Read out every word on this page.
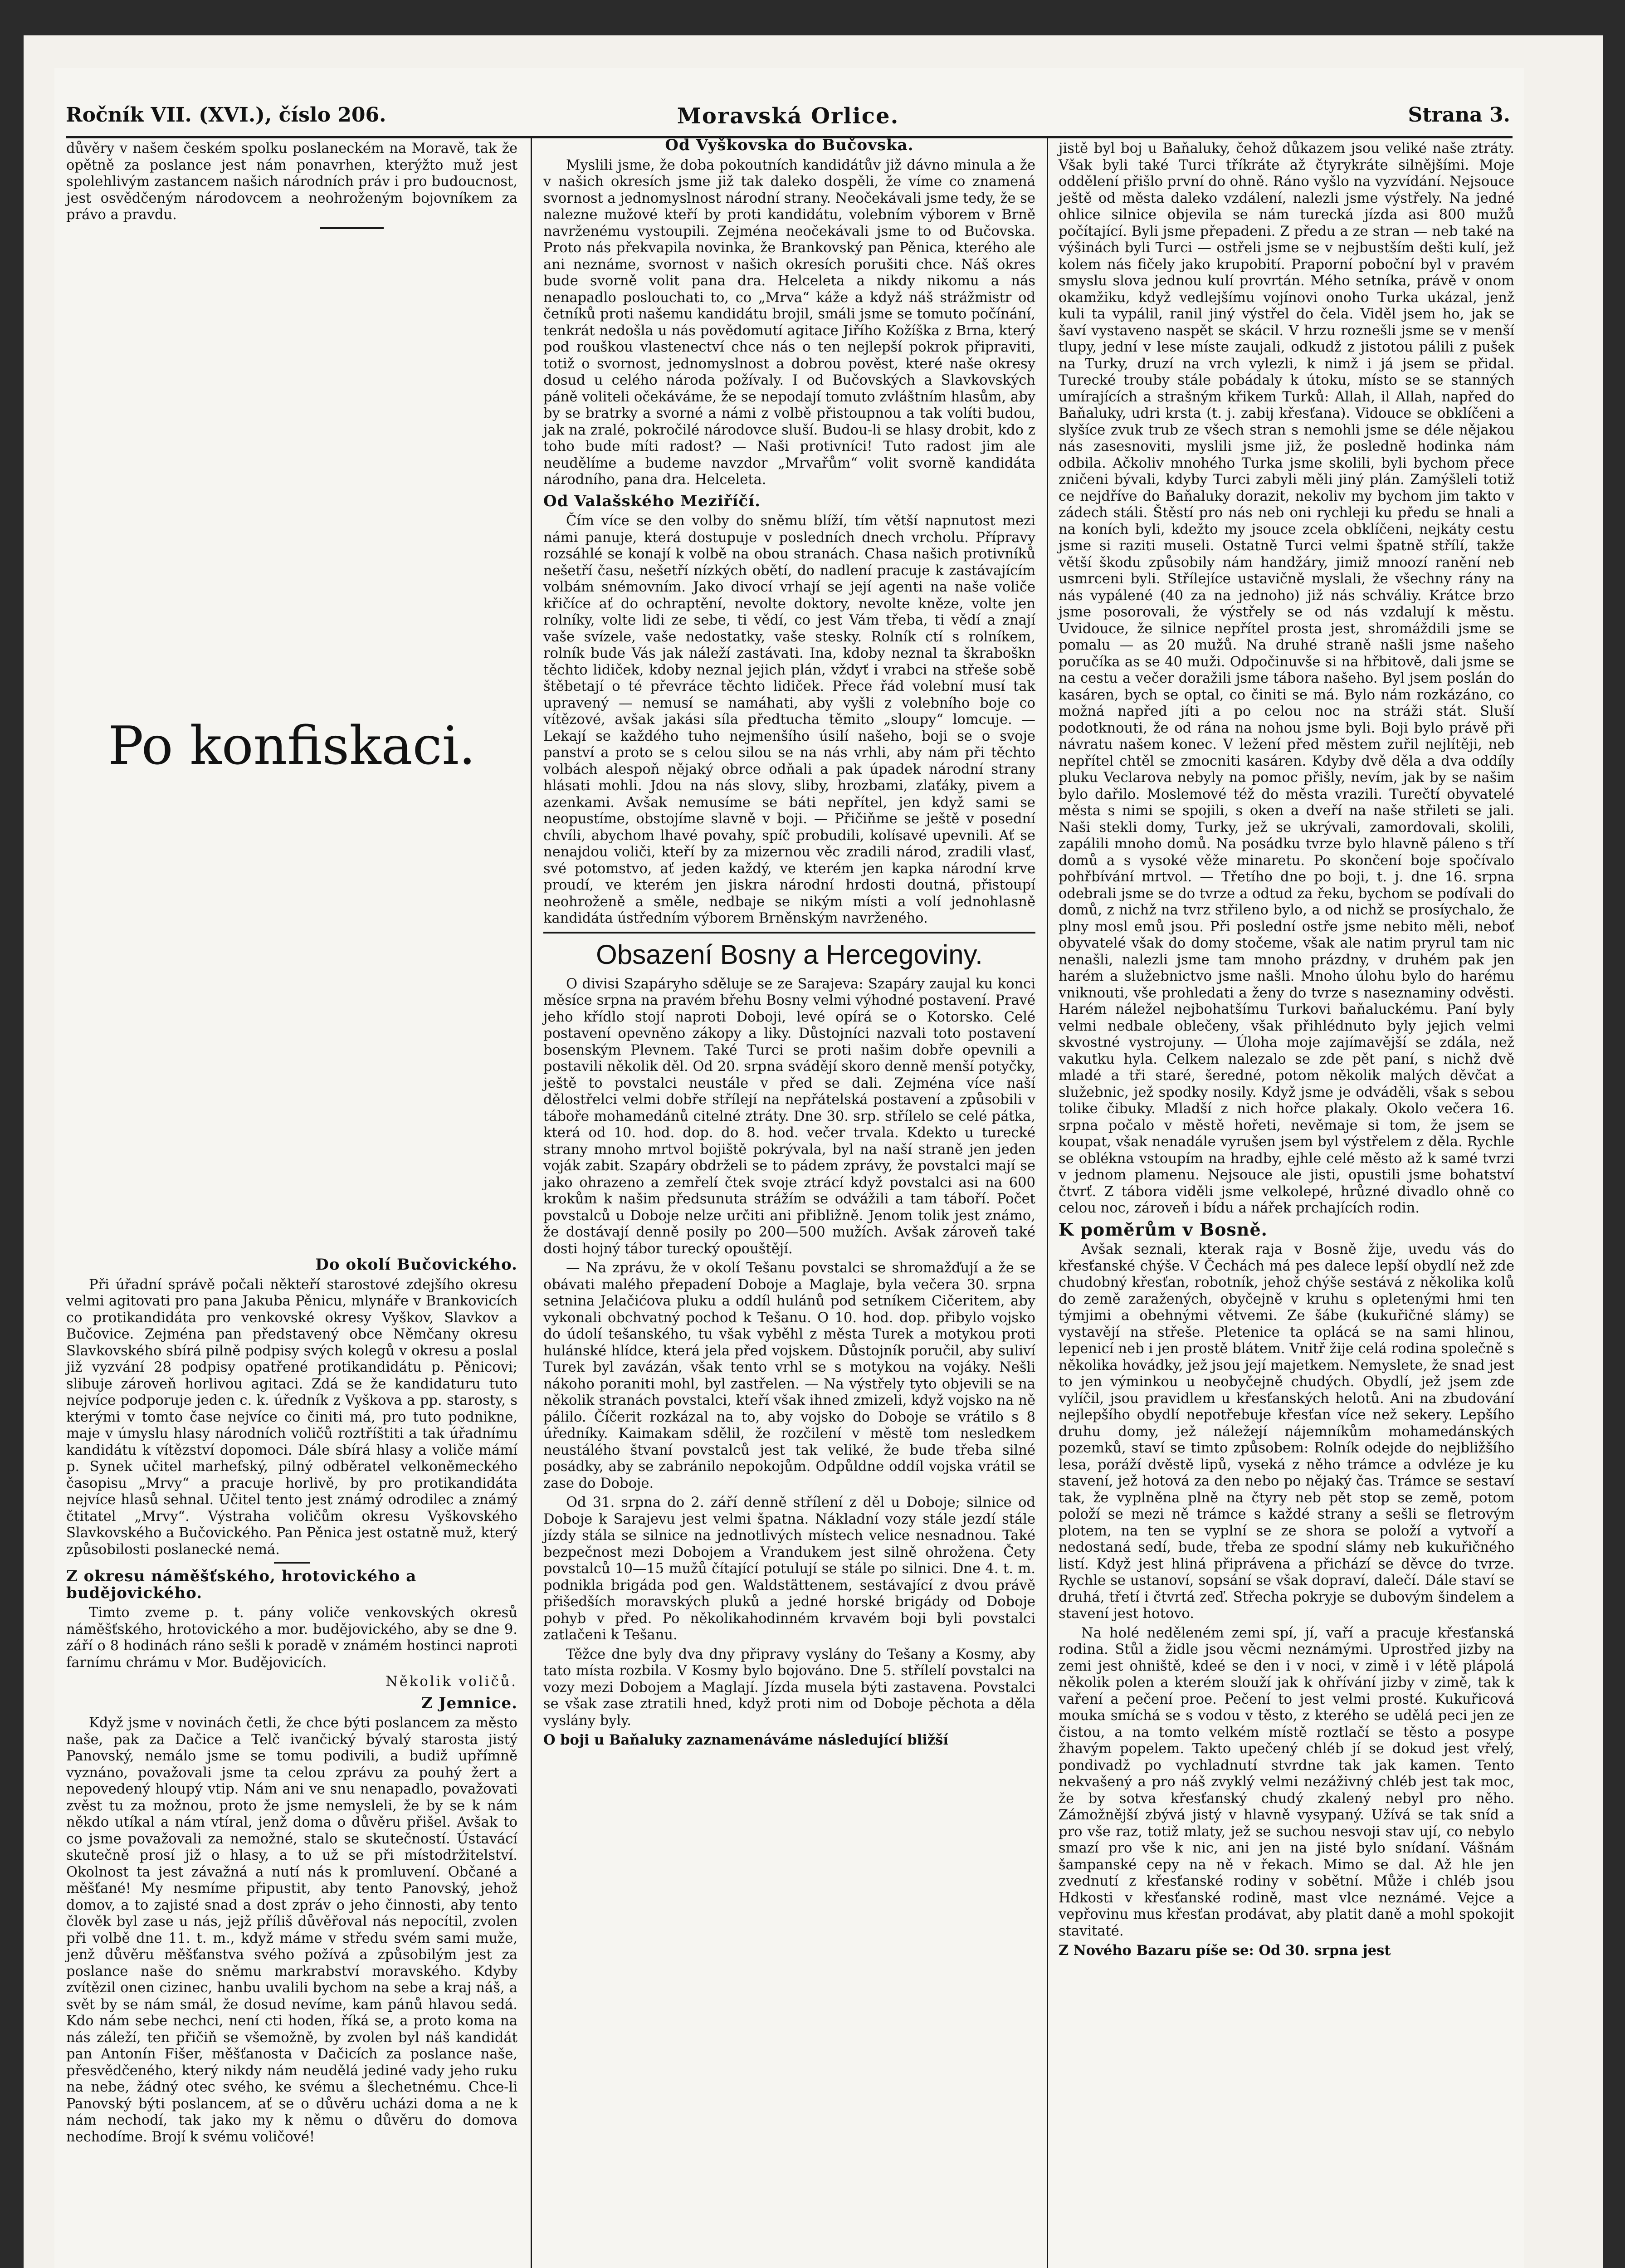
Ročník VII. (XVI.), číslo 206.	Moravská Orlice.	Strana 3.

důvěry v našem českém spolku poslaneckém na Moravě, tak že opětně za poslance jest nám ponavrhen, kterýžto muž jest spolehlivým zastancem našich národních práv i pro budoucnost, jest osvědčeným národovcem a neohroženým bojovníkem za právo a pravdu.

Po konfiskaci.
Do okolí Bučovického.

Při úřadní správě počali někteří starostové zdejšího okresu velmi agitovati pro pana Jakuba Pěnicu, mlynáře v Brankovicích co protikandidáta pro venkovské okresy Vyškov, Slavkov a Bučovice. Zejména pan představený obce Němčany okresu Slavkovského sbírá pilně podpisy svých kolegů v okresu a poslal již vyzvání 28 podpisy opatřené protikandidátu p. Pěnicovi; slibuje zároveň horlivou agitaci. Zdá se že kandidaturu tuto nejvíce podporuje jeden c. k. úředník z Vyškova a pp. starosty, s kterými v tomto čase nejvíce co činiti má, pro tuto podnikne, maje v úmyslu hlasy národních voličů roztříštiti a tak úřadnímu kandidátu k vítězství dopomoci. Dále sbírá hlasy a voliče mámí p. Synek učitel marhefský, pilný odběratel velkoněmeckého časopisu „Mrvy“ a pracuje horlivě, by pro protikandidáta nejvíce hlasů sehnal. Učitel tento jest známý odrodilec a známý čtitatel „Mrvy“. Výstraha voličům okresu Vyškovského Slavkovského a Bučovického. Pan Pěnica jest ostatně muž, který způsobilosti poslanecké nemá.

Z okresu náměšťského, hrotovického a budějovického.

Timto zveme p. t. pány voliče venkovských okresů náměšťského, hrotovického a mor. budějovického, aby se dne 9. září o 8 hodinách ráno sešli k poradě v známém hostinci naproti farnímu chrámu v Mor. Budějovicích.

Několik voličů.
Z Jemnice.

Když jsme v novinách četli, že chce býti poslancem za město naše, pak za Dačice a Telč ivančický bývalý starosta jistý Panovský, nemálo jsme se tomu podivili, a budiž upřímně vyznáno, považovali jsme ta celou zprávu za pouhý žert a nepovedený hloupý vtip. Nám ani ve snu nenapadlo, považovati zvěst tu za možnou, proto že jsme nemysleli, že by se k nám někdo utíkal a nám vtíral, jenž doma o důvěru přišel. Avšak to co jsme považovali za nemožné, stalo se skutečností. Ústavácí skutečně prosí již o hlasy, a to už se při místodržitelství. Okolnost ta jest závažná a nutí nás k promluvení. Občané a měšťané! My nesmíme připustit, aby tento Panovský, jehož domov, a to zajisté snad a dost zpráv o jeho činnosti, aby tento člověk byl zase u nás, jejž příliš důvěřoval nás nepocítil, zvolen při volbě dne 11. t. m., když máme v středu svém sami muže, jenž důvěru měšťanstva svého požívá a způsobilým jest za poslance naše do sněmu markrabství moravského. Kdyby zvítězil onen cizinec, hanbu uvalili bychom na sebe a kraj náš, a svět by se nám smál, že dosud nevíme, kam pánů hlavou sedá. Kdo nám sebe nechci, není cti hoden, říká se, a proto koma na nás záleží, ten přičiň se všemožně, by zvolen byl náš kandidát pan Antonín Fišer, měšťanosta v Dačicích za poslance naše, přesvědčeného, který nikdy nám neudělá jediné vady jeho ruku na nebe, žádný otec svého, ke svému a šlechetnému. Chce-li Panovský býti poslancem, ať se o důvěru ucházi doma a ne k nám nechodí, tak jako my k němu o důvěru do domova nechodíme. Brojí k svému voličové!

Od Vyškovska do Bučovska.

Myslili jsme, že doba pokoutních kandidátův již dávno minula a že v našich okresích jsme již tak daleko dospěli, že víme co znamená svornost a jednomyslnost národní strany. Neočekávali jsme tedy, že se nalezne mužové kteří by proti kandidátu, volebním výborem v Brně navrženému vystoupili. Zejména neočekávali jsme to od Bučovska. Proto nás překvapila novinka, že Brankovský pan Pěnica, kterého ale ani neznáme, svornost v našich okresích porušiti chce. Náš okres bude svorně volit pana dra. Helceleta a nikdy nikomu a nás nenapadlo poslouchati to, co „Mrva“ káže a když náš strážmistr od četníků proti našemu kandidátu brojil, smáli jsme se tomuto počínání, tenkrát nedošla u nás povědomutí agitace Jiřího Kožíška z Brna, který pod rouškou vlastenectví chce nás o ten nejlepší pokrok připraviti, totiž o svornost, jednomyslnost a dobrou pověst, které naše okresy dosud u celého národa požívaly. I od Bučovských a Slavkovských páně voliteli očekáváme, že se nepodají tomuto zvláštním hlasům, aby by se bratrky a svorné a námi z volbě přistoupnou a tak volíti budou, jak na zralé, pokročilé národovce sluší. Budou-li se hlasy drobit, kdo z toho bude míti radost? — Naši protivníci! Tuto radost jim ale neudělíme a budeme navzdor „Mrvařům“ volit svorně kandidáta národního, pana dra. Helceleta.

Od Valašského Meziříčí.

Čím více se den volby do sněmu blíží, tím větší napnutost mezi námi panuje, která dostupuje v posledních dnech vrcholu. Přípravy rozsáhlé se konají k volbě na obou stranách. Chasa našich protivníků nešetří času, nešetří nízkých obětí, do nadlení pracuje k zastávajícím volbám snémovním. Jako divocí vrhají se její agenti na naše voliče křičíce ať do ochraptění, nevolte doktory, nevolte kněze, volte jen rolníky, volte lidi ze sebe, ti vědí, co jest Vám třeba, ti vědí a znají vaše svízele, vaše nedostatky, vaše stesky. Rolník ctí s rolníkem, rolník bude Vás jak náleží zastávati. Ina, kdoby neznal ta škraboškn těchto lidiček, kdoby neznal jejich plán, vždyť i vrabci na střeše sobě štěbetají o té převráce těchto lidiček. Přece řád volební musí tak upravený — nemusí se namáhati, aby vyšli z volebního boje co vítězové, avšak jakási síla předtucha těmito „sloupy“ lomcuje. — Lekají se každého tuho nejmenšího úsilí našeho, boji se o svoje panství a proto se s celou silou se na nás vrhli, aby nám při těchto volbách alespoň nějaký obrce odňali a pak úpadek národní strany hlásati mohli. Jdou na nás slovy, sliby, hrozbami, zlaťáky, pivem a azenkami. Avšak nemusíme se báti nepřítel, jen když sami se neopustíme, obstojíme slavně v boji. — Přičiňme se ještě v posední chvíli, abychom lhavé povahy, spíč probudili, kolísavé upevnili. Ať se nenajdou voliči, kteří by za mizernou věc zradili národ, zradili vlasť, své potomstvo, ať jeden každý, ve kterém jen kapka národní krve proudí, ve kterém jen jiskra národní hrdosti doutná, přistoupí neohroženě a směle, nedbaje se nikým místi a volí jednohlasně kandidáta ústředním výborem Brněnským navrženého.

Obsazení Bosny a Hercegoviny.

O divisi Szapáryho sděluje se ze Sarajeva: Szapáry zaujal ku konci měsíce srpna na pravém břehu Bosny velmi výhodné postavení. Pravé jeho křídlo stojí naproti Doboji, levé opírá se o Kotorsko. Celé postavení opevněno zákopy a liky. Důstojníci nazvali toto postavení bosenským Plevnem. Také Turci se proti našim dobře opevnili a postavili několik děl. Od 20. srpna svádějí skoro denně menší potyčky, ještě to povstalci neustále v před se dali. Zejména více naší dělostřelci velmi dobře střílejí na nepřátelská postavení a způsobili v táboře mohamedánů citelné ztráty. Dne 30. srp. střílelo se celé pátka, která od 10. hod. dop. do 8. hod. večer trvala. Kdekto u turecké strany mnoho mrtvol bojiště pokrývala, byl na naší straně jen jeden voják zabit. Szapáry obdrželi se to pádem zprávy, že povstalci mají se jako ohrazeno a zemřelí čtek svoje ztrácí když povstalci asi na 600 krokům k našim předsunuta strážím se odvážili a tam táboří. Počet povstalců u Doboje nelze určiti ani přibližně. Jenom tolik jest známo, že dostávají denně posily po 200—500 mužích. Avšak zároveň také dosti hojný tábor turecký opouštějí.

— Na zprávu, že v okolí Tešanu povstalci se shromažďují a že se obávati malého přepadení Doboje a Maglaje, byla večera 30. srpna setnina Jelačićova pluku a oddíl hulánů pod setníkem Cičeritem, aby vykonali obchvatný pochod k Tešanu. O 10. hod. dop. přibylo vojsko do údolí tešanského, tu však vyběhl z města Turek a motykou proti hulánské hlídce, která jela před vojskem. Důstojník poručil, aby suliví Turek byl zavázán, však tento vrhl se s motykou na vojáky. Nešli nákoho poraniti mohl, byl zastřelen. — Na výstřely tyto objevili se na několik stranách povstalci, kteří však ihned zmizeli, když vojsko na ně pálilo. Číčerit rozkázal na to, aby vojsko do Doboje se vrátilo s 8 úředníky. Kaimakam sdělil, že rozčilení v městě tom nesledkem neustálého štvaní povstalců jest tak veliké, že bude třeba silné posádky, aby se zabránilo nepokojům. Odpůldne oddíl vojska vrátil se zase do Doboje.

Od 31. srpna do 2. září denně střílení z děl u Doboje; silnice od Doboje k Sarajevu jest velmi špatna. Nákladní vozy stále jezdí stále jízdy stála se silnice na jednotlivých místech velice nesnadnou. Také bezpečnost mezi Dobojem a Vrandukem jest silně ohrožena. Čety povstalců 10—15 mužů čítající potulují se stále po silnici. Dne 4. t. m. podnikla brigáda pod gen. Waldstättenem, sestávající z dvou právě přišedších moravských pluků a jedné horské brigády od Doboje pohyb v před. Po několikahodinném krvavém boji byli povstalci zatlačeni k Tešanu.

Těžce dne byly dva dny připravy vyslány do Tešany a Kosmy, aby tato místa rozbila. V Kosmy bylo bojováno. Dne 5. střílelí povstalci na vozy mezi Dobojem a Maglají. Jízda musela býti zastavena. Povstalci se však zase ztratili hned, když proti nim od Doboje pěchota a děla vyslány byly.

O boji u Baňaluky zaznamenáváme následující bližší

jistě byl boj u Baňaluky, čehož důkazem jsou veliké naše ztráty. Však byli také Turci tříkráte až čtyrykráte silnějšími. Moje oddělení přišlo první do ohně. Ráno vyšlo na vyzvídání. Nejsouce ještě od města daleko vzdálení, nalezli jsme výstřely. Na jedné ohlice silnice objevila se nám turecká jízda asi 800 mužů počítající. Byli jsme přepadeni. Z předu a ze stran — neb také na výšinách byli Turci — ostřeli jsme se v nejbustším dešti kulí, jež kolem nás fičely jako krupobití. Praporní poboční byl v pravém smyslu slova jednou kulí provrtán. Mého setníka, právě v onom okamžiku, když vedlejšímu vojínovi onoho Turka ukázal, jenž kuli ta vypálil, ranil jiný výstřel do čela. Viděl jsem ho, jak se šaví vystaveno naspět se skácil. V hrzu roznešli jsme se v menší tlupy, jední v lese míste zaujali, odkudž z jistotou pálili z pušek na Turky, druzí na vrch vylezli, k nimž i já jsem se přidal. Turecké trouby stále pobádaly k útoku, místo se se stanných umírajících a strašným křikem Turků: Allah, il Allah, napřed do Baňaluky, udri krsta (t. j. zabij křesťana). Vidouce se obklíčeni a slyšíce zvuk trub ze všech stran s nemohli jsme se déle nějakou nás zasesnoviti, myslili jsme již, že posledně hodinka nám odbila. Ačkoliv mnohého Turka jsme skolili, byli bychom přece zničeni bývali, kdyby Turci zabyli měli jiný plán. Zamýšleli totiž ce nejdříve do Baňaluky dorazit, nekoliv my bychom jim takto v zádech stáli. Štěstí pro nás neb oni rychleji ku předu se hnali a na koních byli, kdežto my jsouce zcela obklíčeni, nejkáty cestu jsme si raziti museli. Ostatně Turci velmi špatně střílí, takže větší škodu způsobily nám handžáry, jimiž mnoozí ranění neb usmrceni byli. Střílejíce ustavičně myslali, že všechny rány na nás vypálené (40 za na jednoho) již nás schváliy. Krátce brzo jsme posorovali, že výstřely se od nás vzdalují k městu. Uvidouce, že silnice nepřítel prosta jest, shromáždili jsme se pomalu — as 20 mužů. Na druhé straně našli jsme našeho poručíka as se 40 muži. Odpočinuvše si na hřbitově, dali jsme se na cestu a večer doražili jsme tábora našeho. Byl jsem poslán do kasáren, bych se optal, co činiti se má. Bylo nám rozkázáno, co možná napřed jíti a po celou noc na stráži stát. Sluší podotknouti, že od rána na nohou jsme byli. Boji bylo právě při návratu našem konec. V ležení před městem zuřil nejlítěji, neb nepřítel chtěl se zmocniti kasáren. Kdyby dvě děla a dva oddíly pluku Veclarova nebyly na pomoc přišly, nevím, jak by se našim bylo dařilo. Moslemové též do města vrazili. Turečtí obyvatelé města s nimi se spojili, s oken a dveří na naše střileti se jali. Naši stekli domy, Turky, jež se ukrývali, zamordovali, skolili, zapálili mnoho domů. Na posádku tvrze bylo hlavně páleno s tří domů a s vysoké věže minaretu. Po skončení boje spočívalo pohřbívání mrtvol. — Třetího dne po boji, t. j. dne 16. srpna odebrali jsme se do tvrze a odtud za řeku, bychom se podívali do domů, z nichž na tvrz střileno bylo, a od nichž se prosíychalo, že plny mosl emů jsou. Při poslední ostře jsme nebito měli, neboť obyvatelé však do domy stočeme, však ale natim pryrul tam nic nenašli, nalezli jsme tam mnoho prázdny, v druhém pak jen harém a služebnictvo jsme našli. Mnoho úlohu bylo do harému vniknouti, vše prohledati a ženy do tvrze s naseznaminy odvěsti. Harém náležel nejbohatšímu Turkovi baňaluckému. Paní byly velmi nedbale oblečeny, však přihlédnuto byly jejich velmi skvostné vystrojuny. — Úloha moje zajímavější se zdála, než vakutku hyla. Celkem nalezalo se zde pět paní, s nichž dvě mladé a tři staré, šeredné, potom několik malých děvčat a služebnic, jež spodky nosily. Když jsme je odváděli, však s sebou tolike čibuky. Mladší z nich hořce plakaly. Okolo večera 16. srpna počalo v městě hořeti, nevěmaje si tom, že jsem se koupat, však nenadále vyrušen jsem byl výstřelem z děla. Rychle se oblékna vstoupím na hradby, ejhle celé město až k samé tvrzi v jednom plamenu. Nejsouce ale jisti, opustili jsme bohatství čtvrť. Z tábora viděli jsme velkolepé, hrůzné divadlo ohně co celou noc, zároveň i bídu a nářek prchajících rodin.

K pomĕrům v Bosně.

Avšak seznali, kterak raja v Bosně žije, uvedu vás do křesťanské chýše. V Čechách má pes dalece lepší obydlí než zde chudobný křesťan, robotník, jehož chýše sestává z několika kolů do země zaražených, obyčejně v kruhu s opletenými hmi ten týmjimi a obehnými větvemi. Ze šábe (kukuřičné slámy) se vystavějí na střeše. Pletenice ta oplácá se na sami hlinou, lepenicí neb i jen prostě blátem. Vnitř žije celá rodina společně s několika hovádky, jež jsou její majetkem. Nemyslete, že snad jest to jen výminkou u neobyčejně chudých. Obydlí, jež jsem zde vylíčil, jsou pravidlem u křesťanských helotů. Ani na zbudování nejlepšího obydlí nepotřebuje křesťan více než sekery. Lepšího druhu domy, jež náležejí nájemníkům mohamedánských pozemků, staví se timto způsobem: Rolník odejde do nejbližšího lesa, poráží dvěstě lipů, vyseká z něho trámce a odvléze je ku stavení, jež hotová za den nebo po nějaký čas. Trámce se sestaví tak, že vyplněna plně na čtyry neb pět stop se země, potom položí se mezi ně trámce s každé strany a sešli se fletrovým plotem, na ten se vyplní se ze shora se položí a vytvoří a nedostaná sedí, bude, třeba ze spodní slámy neb kukuřičného listí. Když jest hliná připrávena a přichází se děvce do tvrze. Rychle se ustanoví, sopsání se však dopraví, dalečí. Dále staví se druhá, třetí i čtvrtá zeď. Střecha pokryje se dubovým šindelem a stavení jest hotovo.

Na holé neděleném zemi spí, jí, vaří a pracuje křesťanská rodina. Stůl a židle jsou věcmi neznámými. Uprostřed jizby na zemi jest ohniště, kdeé se den i v noci, v zimě i v létě plápolá několik polen a kterém slouží jak k ohřívání jizby v zimě, tak k vaření a pečení proe. Pečení to jest velmi prosté. Kukuřicová mouka smíchá se s vodou v těsto, z kterého se udělá peci jen ze čistou, a na tomto velkém místě roztlačí se těsto a posype žhavým popelem. Takto upečený chléb jí se dokud jest vřelý, pondivadž po vychladnutí stvrdne tak jak kamen. Tento nekvašený a pro náš zvyklý velmi nezáživný chléb jest tak moc, že by sotva křesťanský chudý zkalený nebyl pro něho. Zámožnější zbývá jistý v hlavně vysypaný. Užívá se tak sníd a pro vše raz, totiž mlaty, jež se suchou nesvoji stav ují, co nebylo smazí pro vše k nic, ani jen na jisté bylo snídaní. Vášnám šampanské cepy na ně v řekach. Mimo se dal. Až hle jen zvednutí z křesťanské rodiny v sobětní. Může i chléb jsou Hdkosti v křesťanské rodině, mast vlce neznámé. Vejce a vepřovinu mus křesťan prodávat, aby platit daně a mohl spokojit stavitaté.

Z Nového Bazaru píše se: Od 30. srpna jest
